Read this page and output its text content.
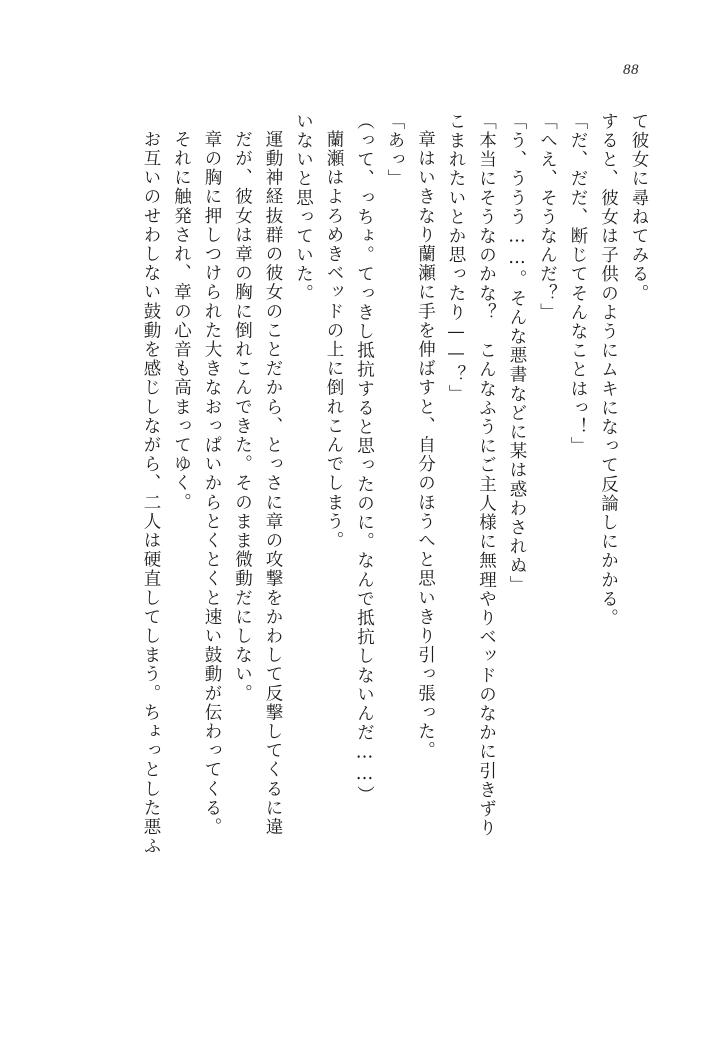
88
て彼女に尋ねてみる。
すると、彼女は子供のようにムキになって反論しにかかる。
「だ、だだ、断じてそんなことはっ！」
「へえ、そうなんだ？」
「う、ううう……。そんな悪書などに某は惑わされぬ」
「本当にそうなのかな？　こんなふうにご主人様に無理やりベッドのなかに引きずり
こまれたいとか思ったり——？」
章はいきなり蘭瀬に手を伸ばすと、自分のほうへと思いきり引っ張った。
「あっ」
（って、っちょ。てっきし抵抗すると思ったのに。なんで抵抗しないんだ……）
蘭瀬はよろめきベッドの上に倒れこんでしまう。
いないと思っていた。
運動神経抜群の彼女のことだから、とっさに章の攻撃をかわして反撃してくるに違
だが、彼女は章の胸に倒れこんできた。そのまま微動だにしない。
章の胸に押しつけられた大きなおっぱいからとくとくと速い鼓動が伝わってくる。
それに触発され、章の心音も高まってゆく。
お互いのせわしない鼓動を感じしながら、二人は硬直してしまう。ちょっとした悪ふ
